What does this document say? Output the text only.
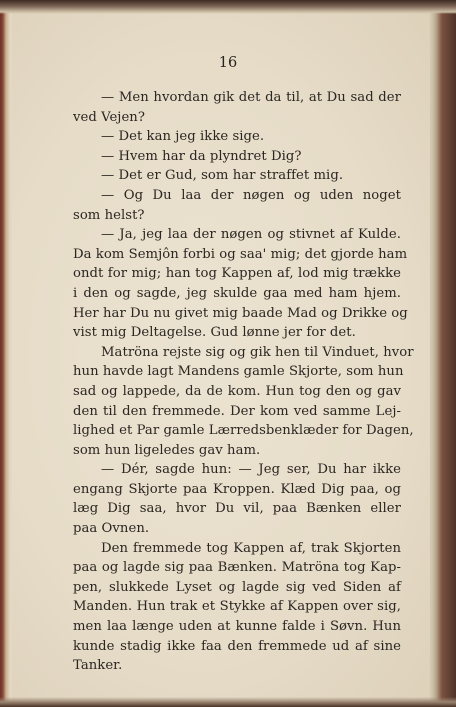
16
— Men hvordan gik det da til, at Du sad der
ved Vejen?
— Det kan jeg ikke sige.
— Hvem har da plyndret Dig?
— Det er Gud, som har straffet mig.
— Og Du laa der nøgen og uden noget
som helst?
— Ja, jeg laa der nøgen og stivnet af Kulde.
Da kom Semjôn forbi og saa' mig; det gjorde ham
ondt for mig; han tog Kappen af, lod mig trække
i den og sagde, jeg skulde gaa med ham hjem.
Her har Du nu givet mig baade Mad og Drikke og
vist mig Deltagelse. Gud lønne jer for det.
Matröna rejste sig og gik hen til Vinduet, hvor
hun havde lagt Mandens gamle Skjorte, som hun
sad og lappede, da de kom. Hun tog den og gav
den til den fremmede. Der kom ved samme Lej-
lighed et Par gamle Lærredsbenklæder for Dagen,
som hun ligeledes gav ham.
— Dér, sagde hun: — Jeg ser, Du har ikke
engang Skjorte paa Kroppen. Klæd Dig paa, og
læg Dig saa, hvor Du vil, paa Bænken eller
paa Ovnen.
Den fremmede tog Kappen af, trak Skjorten
paa og lagde sig paa Bænken. Matröna tog Kap-
pen, slukkede Lyset og lagde sig ved Siden af
Manden. Hun trak et Stykke af Kappen over sig,
men laa længe uden at kunne falde i Søvn. Hun
kunde stadig ikke faa den fremmede ud af sine
Tanker.
